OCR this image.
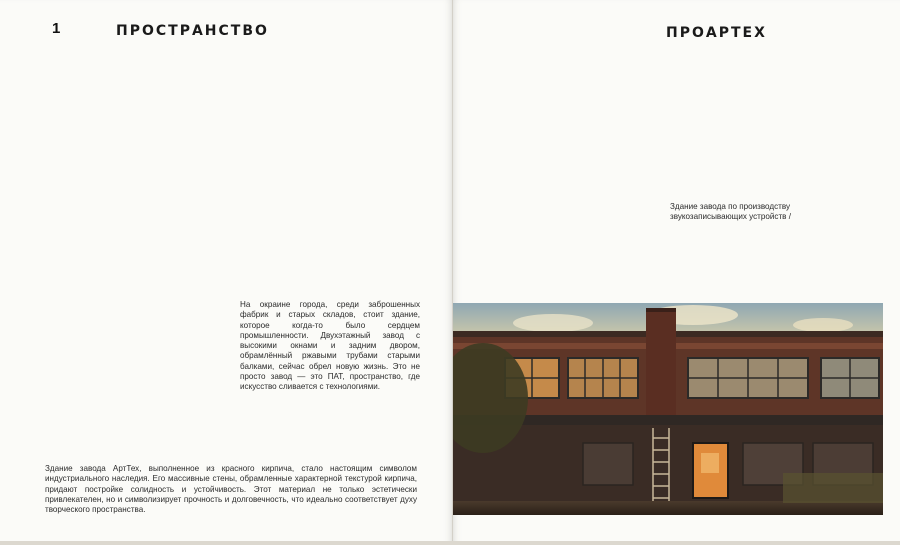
1	ПРОСТРАНСТВО
На окраине города, среди заброшенных фабрик и старых складов, стоит здание, которое когда-то было сердцем промышленности. Двухэтажный завод с высокими окнами и задним двором, обрамлённый ржавыми трубами старыми балками, сейчас обрел новую жизнь. Это не просто завод — это ПАТ, пространство, где искусство сливается с технологиями.
Здание завода АртТех, выполненное из красного кирпича, стало настоящим символом индустриального наследия. Его массивные стены, обрамленные характерной текстурой кирпича, придают постройке солидность и устойчивость. Этот материал не только эстетически привлекателен, но и символизирует прочность и долговечность, что идеально соответствует духу творческого пространства.
ПРОАРТЕХ
Здание завода по производству звукозаписывающих устройств /
